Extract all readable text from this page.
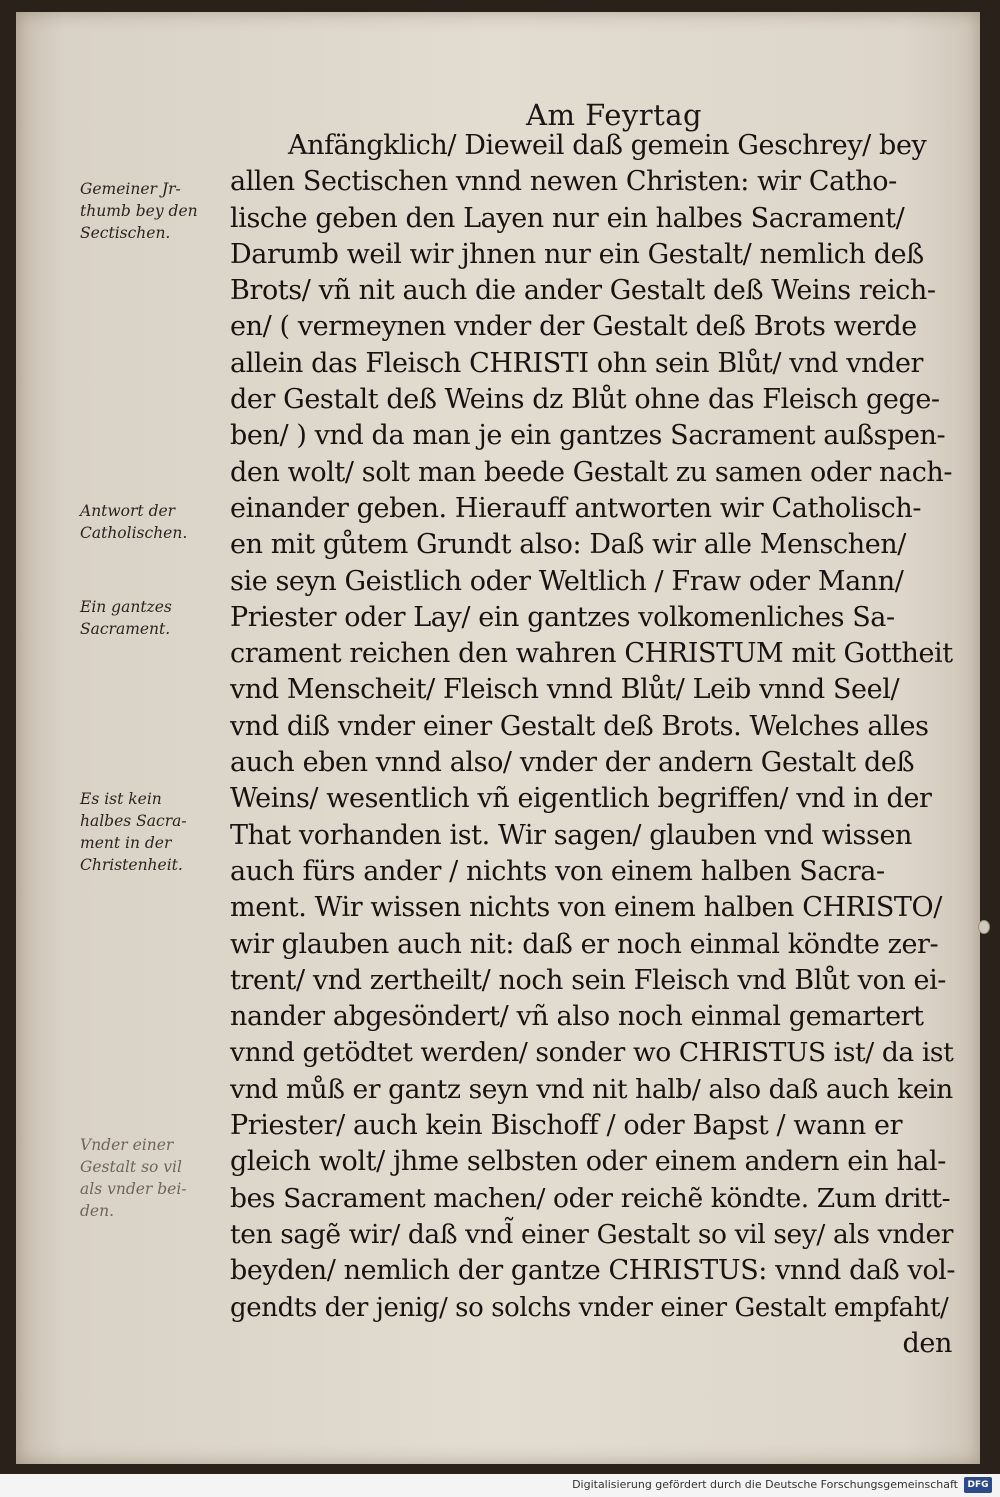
Am Feyrtag
Anfängklich/ Dieweil daß gemein Geschrey/ bey
allen Sectischen vnnd newen Christen: wir Catho-
lische geben den Layen nur ein halbes Sacrament/
Darumb weil wir jhnen nur ein Gestalt/ nemlich deß
Brots/ vñ nit auch die ander Gestalt deß Weins reich-
en/ ( vermeynen vnder der Gestalt deß Brots werde
allein das Fleisch CHRISTI ohn sein Blůt/ vnd vnder
der Gestalt deß Weins dz Blůt ohne das Fleisch gege-
ben/ ) vnd da man je ein gantzes Sacrament außspen-
den wolt/ solt man beede Gestalt zu samen oder nach-
einander geben. Hierauff antworten wir Catholisch-
en mit gůtem Grundt also: Daß wir alle Menschen/
sie seyn Geistlich oder Weltlich / Fraw oder Mann/
Priester oder Lay/ ein gantzes volkomenliches Sa-
crament reichen den wahren CHRISTUM mit Gottheit
vnd Menscheit/ Fleisch vnnd Blůt/ Leib vnnd Seel/
vnd diß vnder einer Gestalt deß Brots. Welches alles
auch eben vnnd also/ vnder der andern Gestalt deß
Weins/ wesentlich vñ eigentlich begriffen/ vnd in der
That vorhanden ist. Wir sagen/ glauben vnd wissen
auch fürs ander / nichts von einem halben Sacra-
ment. Wir wissen nichts von einem halben CHRISTO/
wir glauben auch nit: daß er noch einmal köndte zer-
trent/ vnd zertheilt/ noch sein Fleisch vnd Blůt von ei-
nander abgesöndert/ vñ also noch einmal gemartert
vnnd getödtet werden/ sonder wo CHRISTUS ist/ da ist
vnd můß er gantz seyn vnd nit halb/ also daß auch kein
Priester/ auch kein Bischoff / oder Bapst / wann er
gleich wolt/ jhme selbsten oder einem andern ein hal-
bes Sacrament machen/ oder reichẽ köndte. Zum dritt-
ten sagẽ wir/ daß vnd̃ einer Gestalt so vil sey/ als vnder
beyden/ nemlich der gantze CHRISTUS: vnnd daß vol-
gendts der jenig/ so solchs vnder einer Gestalt empfaht/
den
Gemeiner Jr-
thumb bey den
Sectischen.
Antwort der
Catholischen.
Ein gantzes
Sacrament.
Es ist kein
halbes Sacra-
ment in der
Christenheit.
Vnder einer
Gestalt so vil
als vnder bei-
den.
Digitalisierung gefördert durch die Deutsche Forschungsgemeinschaft	DFG
